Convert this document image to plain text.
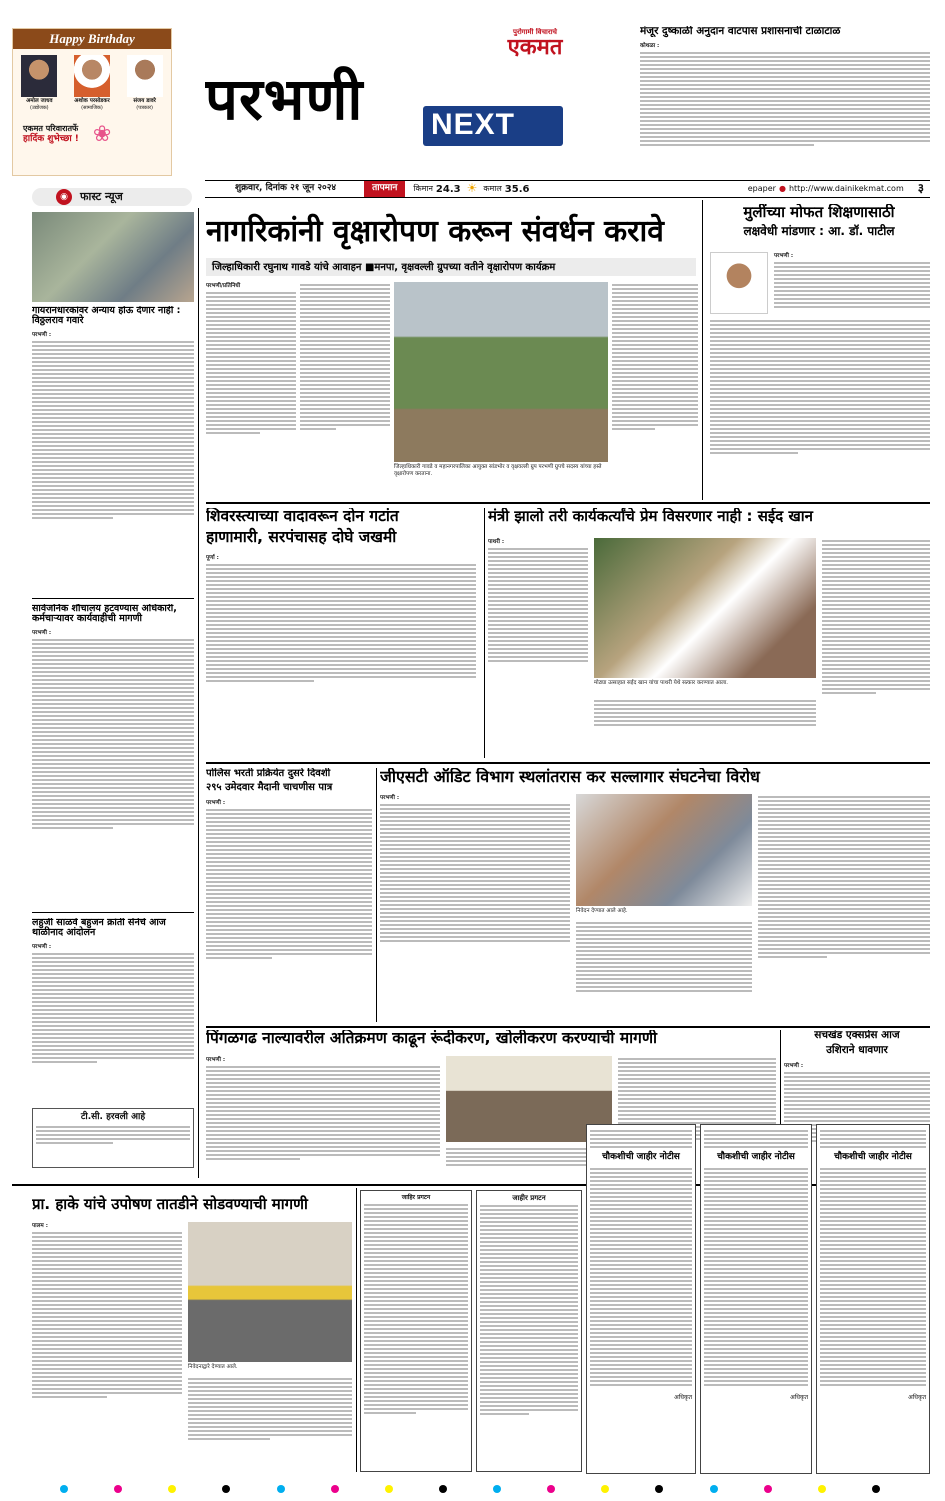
Happy Birthday
अमोल जाधव
(उद्योजक)
अशोक परसोडकर
(सामाजिक)
संजय डावरे
(पत्रकार)
एकमत परिवारातर्फे
हार्दिक शुभेच्छा ! ❀
परभणी NEXT
पुरोगामी विचाराचे
एकमत
शुक्रवार, दिनांक २१ जून २०२४	तापमान	किमान 24.3 ☀ कमाल 35.6	epaper ● http://www.dainikekmat.com ३
मंजूर दुष्काळी अनुदान वाटपास प्रशासनाची टाळाटाळ
कोथळा :
◉	फास्ट न्यूज
गायरानधारकांवर अन्याय होऊ देणार नाही : विठ्ठलराव गवारे
परभणी :
सार्वजनिक शौचालय हटवण्यास अधिकारी, कर्मचाऱ्यावर कार्यवाहीची मागणी
परभणी :
लहुजी साळवे बहुजन क्रांती सेनेचे आज थाळीनाद आंदोलन
परभणी :
टी.सी. हरवली आहे
नागरिकांनी वृक्षारोपण करून संवर्धन करावे
जिल्हाधिकारी रघुनाथ गावडे यांचे आवाहन ■मनपा, वृक्षवल्ली ग्रुपच्या वतीने वृक्षारोपण कार्यक्रम
परभणी/प्रतिनिधी
जिल्हाधिकारी गावडे व महानगरपालिका आयुक्त सांडभोर व वृक्षवल्ली ग्रुप परभणी ग्रुपचे सदस्य यांच्या हस्ते वृक्षारोपण करताना.
मुलींच्या मोफत शिक्षणासाठी
लक्षवेधी मांडणार : आ. डॉ. पाटील
परभणी :
शिवरस्त्याच्या वादावरून दोन गटांत
हाणामारी, सरपंचासह दोघे जखमी
पूर्णा :
मंत्री झालो तरी कार्यकर्त्यांचे प्रेम विसरणार नाही : सईद खान
पाथरी :
मोठ्या उत्साहात सईद खान यांचा पाथरी येथे सत्कार करण्यात आला.
पोलिस भरती प्रक्रियेत दुसरे दिवशी
२९५ उमेदवार मैदानी चाचणीस पात्र
परभणी :
जीएसटी ऑडिट विभाग स्थलांतरास कर सल्लागार संघटनेचा विरोध
परभणी :
निवेदन देण्यात आले आहे.
पिंगळगढ नाल्यावरील अतिक्रमण काढून रूंदीकरण, खोलीकरण करण्याची मागणी
परभणी :
सचखंड एक्सप्रेस आज
उशिराने धावणार
परभणी :
प्रा. हाके यांचे उपोषण तातडीने सोडवण्याची मागणी
पालम :
निवेदनाद्वारे देण्यात आले.
जाहिर प्रगटन	जाहीर प्रगटन
चौकशीची जाहीर नोटीस
अधिकृत
चौकशीची जाहीर नोटीस
अधिकृत
चौकशीची जाहीर नोटीस
अधिकृत
